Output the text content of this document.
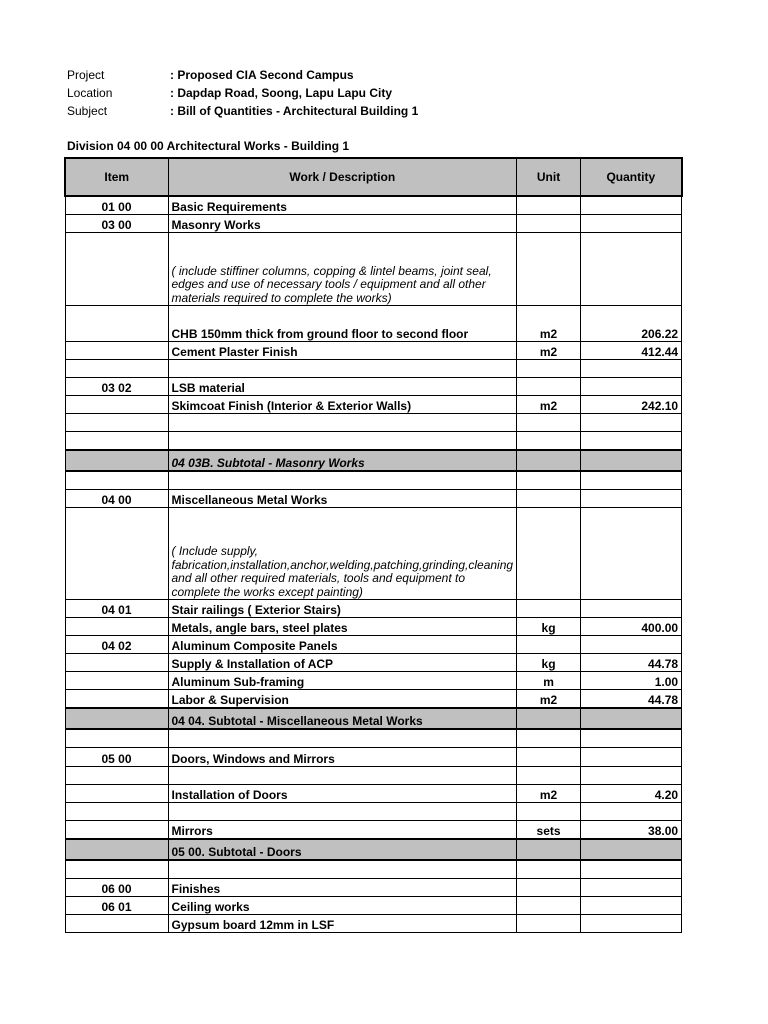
Project	: Proposed CIA Second Campus
Location	: Dapdap Road, Soong, Lapu Lapu City
Subject	: Bill of Quantities - Architectural Building 1
Division 04 00 00 Architectural Works - Building 1
Item	Work / Description	Unit	Quantity
01 00	Basic Requirements		
03 00	Masonry Works		
	( include stiffiner columns, copping & lintel beams, joint seal, edges and use of necessary tools / equipment and all other materials required to complete the works)		
	CHB 150mm thick from ground floor to second floor	m2	206.22
	Cement Plaster Finish	m2	412.44

03 02	LSB material		
	Skimcoat Finish (Interior & Exterior Walls)	m2	242.10

	04 03B. Subtotal - Masonry Works		

04 00	Miscellaneous Metal Works		
	( Include supply, fabrication,installation,anchor,welding,patching,grinding,cleaning and all other required materials, tools and equipment to complete the works except painting)		
04 01	Stair railings ( Exterior Stairs)		
	Metals, angle bars, steel plates	kg	400.00
04 02	Aluminum Composite Panels		
	Supply & Installation of ACP	kg	44.78
	Aluminum Sub-framing	m	1.00
	Labor & Supervision	m2	44.78
	04 04. Subtotal - Miscellaneous Metal Works		

05 00	Doors, Windows and Mirrors		

	Installation of Doors	m2	4.20

	Mirrors	sets	38.00
	05 00. Subtotal - Doors		

06 00	Finishes		
06 01	Ceiling works		
	Gypsum board 12mm in LSF		
